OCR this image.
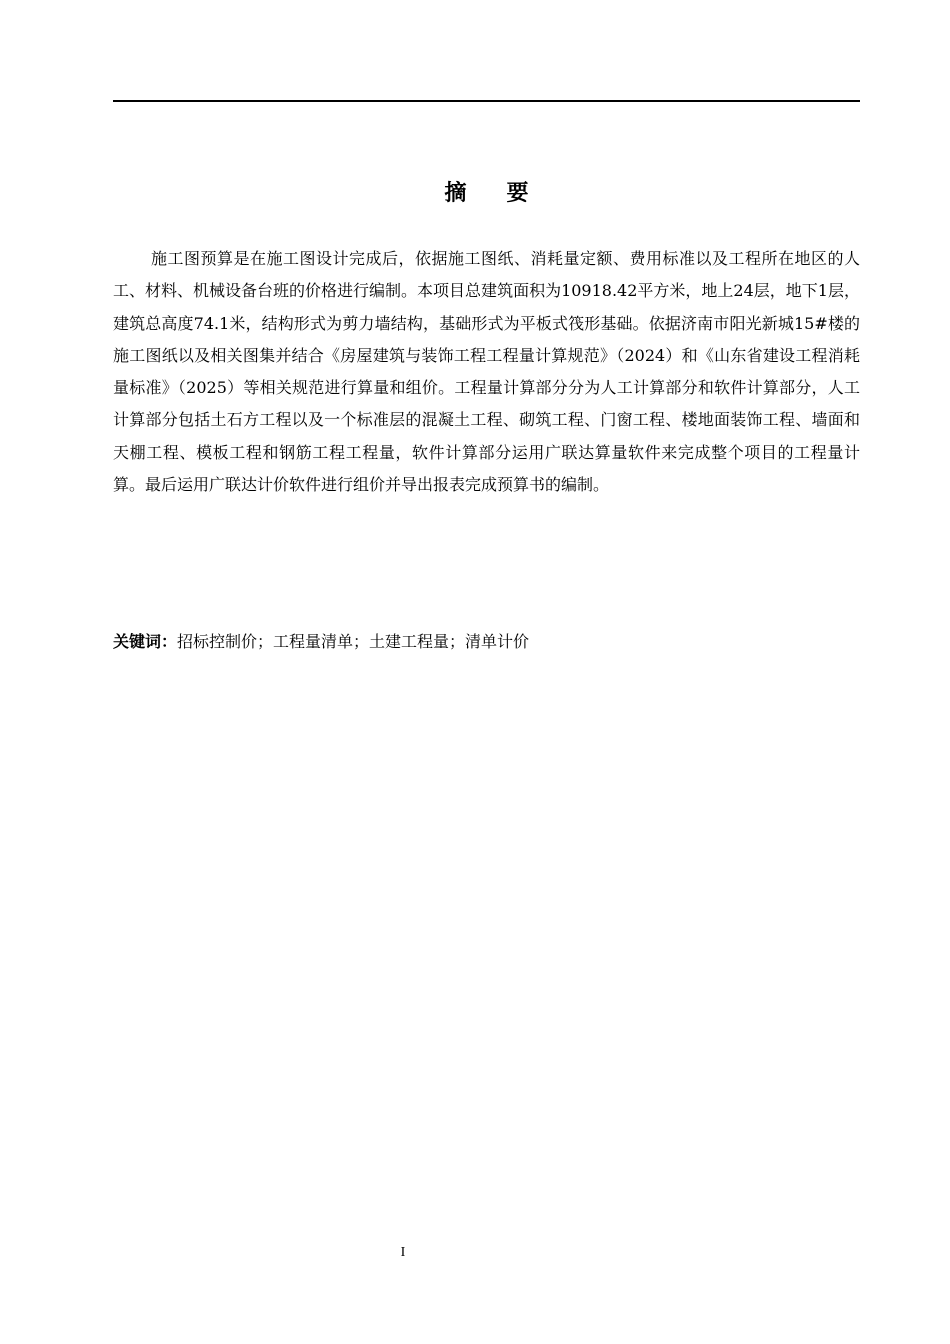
摘要

施工图预算是在施工图设计完成后，依据施工图纸、消耗量定额、费用标准以及工程所在地区的人工、材料、机械设备台班的价格进行编制。本项目总建筑面积为10918.42平方米，地上24层，地下1层，建筑总高度74.1米，结构形式为剪力墙结构，基础形式为平板式筏形基础。依据济南市阳光新城15#楼的施工图纸以及相关图集并结合《房屋建筑与装饰工程工程量计算规范》（2024）和《山东省建设工程消耗量标准》（2025）等相关规范进行算量和组价。工程量计算部分分为人工计算部分和软件计算部分，人工计算部分包括土石方工程以及一个标准层的混凝土工程、砌筑工程、门窗工程、楼地面装饰工程、墙面和天棚工程、模板工程和钢筋工程工程量，软件计算部分运用广联达算量软件来完成整个项目的工程量计算。最后运用广联达计价软件进行组价并导出报表完成预算书的编制。

关键词：招标控制价；工程量清单；土建工程量；清单计价
I
